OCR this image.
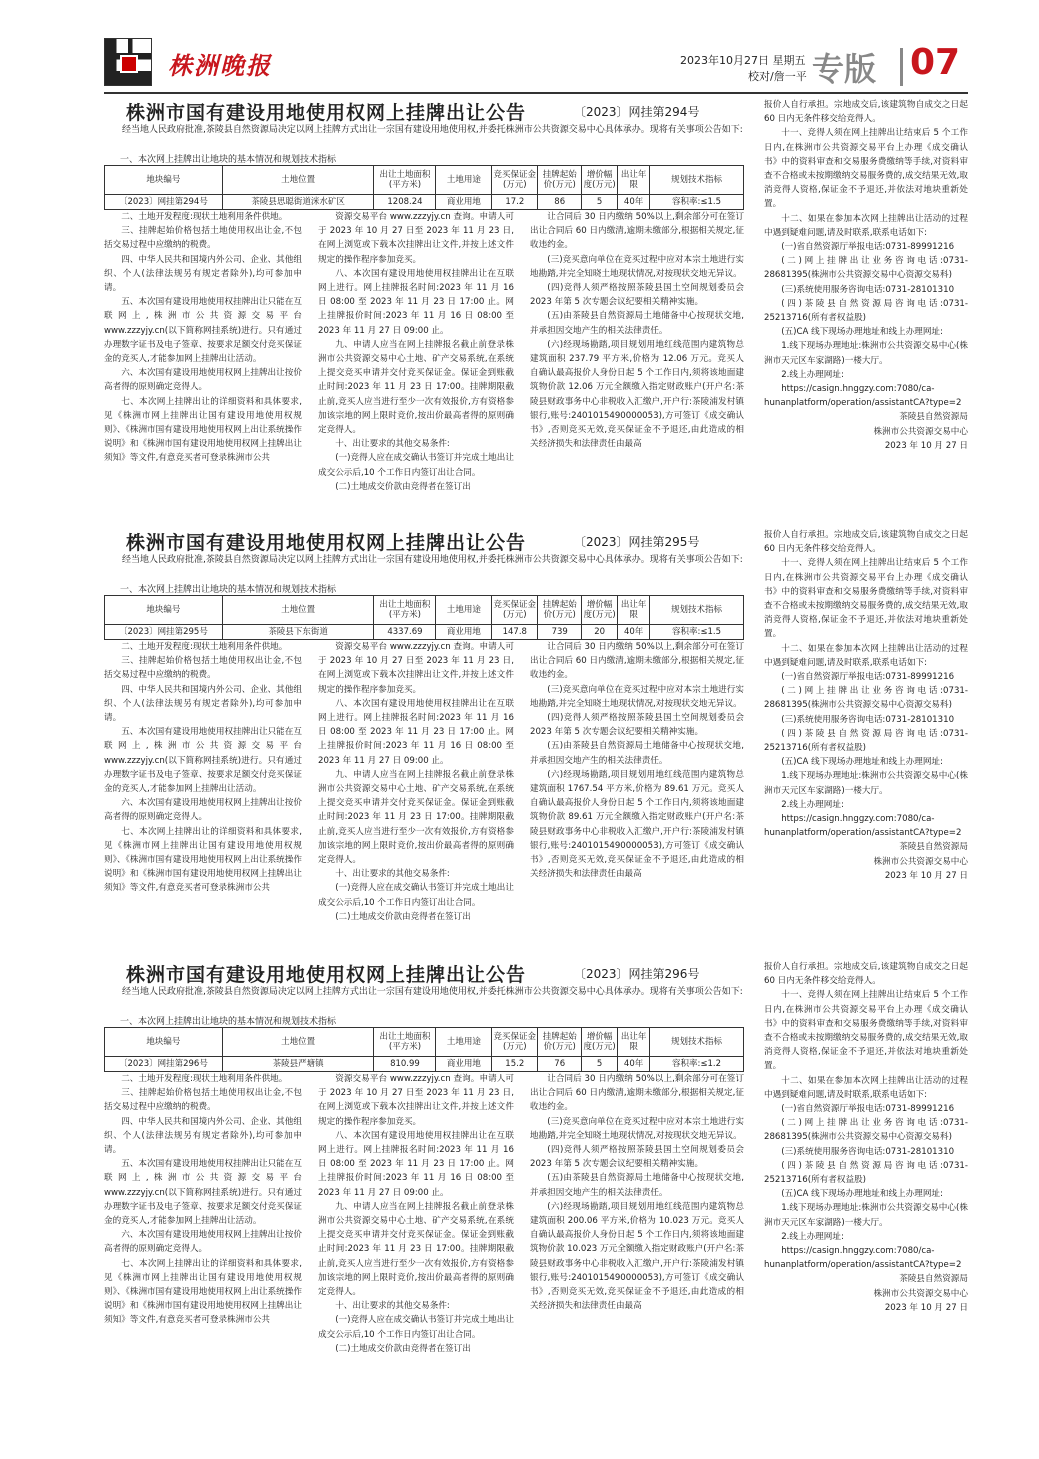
株洲晚报	2023年10月27日 星期五
校对/詹一平 专版 07
株洲市国有建设用地使用权网上挂牌出让公告	〔2023〕网挂第294号
经当地人民政府批准,茶陵县自然资源局决定以网上挂牌方式出让一宗国有建设用地使用权,并委托株洲市公共资源交易中心具体承办。现将有关事项公告如下:
一、本次网上挂牌出让地块的基本情况和规划技术指标
地块编号	土地位置	出让土地面积(平方米)	土地用途	竞买保证金(万元)	挂牌起始价(万元)	增价幅度(万元)	出让年限	规划技术指标
〔2023〕网挂第294号	茶陵县思聪街道洣水矿区	1208.24	商业用地	17.2	86	5	40年	容积率:≤1.5

二、土地开发程度:现状土地利用条件供地。

三、挂牌起始价格包括土地使用权出让金,不包括交易过程中应缴纳的税费。

四、中华人民共和国境内外公司、企业、其他组织、个人(法律法规另有规定者除外),均可参加申请。

五、本次国有建设用地使用权挂牌出让只能在互联网上,株洲市公共资源交易平台 www.zzzyjy.cn(以下简称网挂系统)进行。只有通过办理数字证书及电子签章、按要求足额交付竞买保证金的竞买人,才能参加网上挂牌出让活动。

六、本次国有建设用地使用权网上挂牌出让按价高者得的原则确定竞得人。

七、本次网上挂牌出让的详细资料和具体要求,见《株洲市网上挂牌出让国有建设用地使用权规则》、《株洲市国有建设用地使用权网上出让系统操作说明》和《株洲市国有建设用地使用权网上挂牌出让须知》等文件,有意竞买者可登录株洲市公共

资源交易平台 www.zzzyjy.cn 查询。申请人可于 2023 年 10 月 27 日至 2023 年 11 月 23 日,在网上浏览或下载本次挂牌出让文件,并按上述文件规定的操作程序参加竞买。

八、本次国有建设用地使用权挂牌出让在互联网上进行。网上挂牌报名时间:2023 年 11 月 16 日 08:00 至 2023 年 11 月 23 日 17:00 止。网上挂牌报价时间:2023 年 11 月 16 日 08:00 至 2023 年 11 月 27 日 09:00 止。

九、申请人应当在网上挂牌报名截止前登录株洲市公共资源交易中心土地、矿产交易系统,在系统上提交竞买申请并交付竞买保证金。保证金到账截止时间:2023 年 11 月 23 日 17:00。挂牌期限截止前,竞买人应当进行至少一次有效报价,方有资格参加该宗地的网上限时竞价,按出价最高者得的原则确定竞得人。

十、出让要求的其他交易条件:

(一)竞得人应在成交确认书签订并完成土地出让成交公示后,10 个工作日内签订出让合同。

(二)土地成交价款由竞得者在签订出

让合同后 30 日内缴纳 50%以上,剩余部分可在签订出让合同后 60 日内缴清,逾期未缴部分,根据相关规定,征收违约金。

(三)竞买意向单位在竞买过程中应对本宗土地进行实地勘踏,并完全知晓土地现状情况,对按现状交地无异议。

(四)竞得人须严格按照茶陵县国土空间规划委员会 2023 年第 5 次专题会议纪要相关精神实施。

(五)由茶陵县自然资源局土地储备中心按现状交地,并承担因交地产生的相关法律责任。

(六)经现场勘踏,项目规划用地红线范围内建筑物总建筑面积 237.79 平方米,价格为 12.06 万元。竞买人自确认最高报价人身份日起 5 个工作日内,须将该地面建筑物价款 12.06 万元全额缴入指定财政账户(开户名:茶陵县财政事务中心非税收入汇缴户,开户行:茶陵浦发村镇银行,账号:2401015490000053),方可签订《成交确认书》,否则竞买无效,竞买保证金不予退还,由此造成的相关经济损失和法律责任由最高

报价人自行承担。宗地成交后,该建筑物自成交之日起 60 日内无条件移交给竞得人。

十一、竞得人须在网上挂牌出让结束后 5 个工作日内,在株洲市公共资源交易平台上办理《成交确认书》中的资料审查和交易服务费缴纳等手续,对资料审查不合格或未按期缴纳交易服务费的,成交结果无效,取消竞得人资格,保证金不予退还,并依法对地块重新处置。

十二、如果在参加本次网上挂牌出让活动的过程中遇到疑难问题,请及时联系,联系电话如下:

(一)省自然资源厅举报电话:0731-89991216

(二)网上挂牌出让业务咨询电话:0731-28681395(株洲市公共资源交易中心资源交易科)

(三)系统使用服务咨询电话:0731-28101310

(四)茶陵县自然资源局咨询电话:0731-25213716(所有者权益股)

(五)CA 线下现场办理地址和线上办理网址:

1.线下现场办理地址:株洲市公共资源交易中心(株洲市天元区车家湖路)一楼大厅。

2.线上办理网址:

https://casign.hnggzy.com:7080/ca-hunanplatform/operation/assistantCA?type=2

茶陵县自然资源局

株洲市公共资源交易中心

2023 年 10 月 27 日

株洲市国有建设用地使用权网上挂牌出让公告	〔2023〕网挂第295号
经当地人民政府批准,茶陵县自然资源局决定以网上挂牌方式出让一宗国有建设用地使用权,并委托株洲市公共资源交易中心具体承办。现将有关事项公告如下:
一、本次网上挂牌出让地块的基本情况和规划技术指标
地块编号	土地位置	出让土地面积(平方米)	土地用途	竞买保证金(万元)	挂牌起始价(万元)	增价幅度(万元)	出让年限	规划技术指标
〔2023〕网挂第295号	茶陵县下东街道	4337.69	商业用地	147.8	739	20	40年	容积率:≤1.5

二、土地开发程度:现状土地利用条件供地。

三、挂牌起始价格包括土地使用权出让金,不包括交易过程中应缴纳的税费。

四、中华人民共和国境内外公司、企业、其他组织、个人(法律法规另有规定者除外),均可参加申请。

五、本次国有建设用地使用权挂牌出让只能在互联网上,株洲市公共资源交易平台 www.zzzyjy.cn(以下简称网挂系统)进行。只有通过办理数字证书及电子签章、按要求足额交付竞买保证金的竞买人,才能参加网上挂牌出让活动。

六、本次国有建设用地使用权网上挂牌出让按价高者得的原则确定竞得人。

七、本次网上挂牌出让的详细资料和具体要求,见《株洲市网上挂牌出让国有建设用地使用权规则》、《株洲市国有建设用地使用权网上出让系统操作说明》和《株洲市国有建设用地使用权网上挂牌出让须知》等文件,有意竞买者可登录株洲市公共

资源交易平台 www.zzzyjy.cn 查询。申请人可于 2023 年 10 月 27 日至 2023 年 11 月 23 日,在网上浏览或下载本次挂牌出让文件,并按上述文件规定的操作程序参加竞买。

八、本次国有建设用地使用权挂牌出让在互联网上进行。网上挂牌报名时间:2023 年 11 月 16 日 08:00 至 2023 年 11 月 23 日 17:00 止。网上挂牌报价时间:2023 年 11 月 16 日 08:00 至 2023 年 11 月 27 日 09:00 止。

九、申请人应当在网上挂牌报名截止前登录株洲市公共资源交易中心土地、矿产交易系统,在系统上提交竞买申请并交付竞买保证金。保证金到账截止时间:2023 年 11 月 23 日 17:00。挂牌期限截止前,竞买人应当进行至少一次有效报价,方有资格参加该宗地的网上限时竞价,按出价最高者得的原则确定竞得人。

十、出让要求的其他交易条件:

(一)竞得人应在成交确认书签订并完成土地出让成交公示后,10 个工作日内签订出让合同。

(二)土地成交价款由竞得者在签订出

让合同后 30 日内缴纳 50%以上,剩余部分可在签订出让合同后 60 日内缴清,逾期未缴部分,根据相关规定,征收违约金。

(三)竞买意向单位在竞买过程中应对本宗土地进行实地勘踏,并完全知晓土地现状情况,对按现状交地无异议。

(四)竞得人须严格按照茶陵县国土空间规划委员会 2023 年第 5 次专题会议纪要相关精神实施。

(五)由茶陵县自然资源局土地储备中心按现状交地,并承担因交地产生的相关法律责任。

(六)经现场勘踏,项目规划用地红线范围内建筑物总建筑面积 1767.54 平方米,价格为 89.61 万元。竞买人自确认最高报价人身份日起 5 个工作日内,须将该地面建筑物价款 89.61 万元全额缴入指定财政账户(开户名:茶陵县财政事务中心非税收入汇缴户,开户行:茶陵浦发村镇银行,账号:2401015490000053),方可签订《成交确认书》,否则竞买无效,竞买保证金不予退还,由此造成的相关经济损失和法律责任由最高

报价人自行承担。宗地成交后,该建筑物自成交之日起 60 日内无条件移交给竞得人。

十一、竞得人须在网上挂牌出让结束后 5 个工作日内,在株洲市公共资源交易平台上办理《成交确认书》中的资料审查和交易服务费缴纳等手续,对资料审查不合格或未按期缴纳交易服务费的,成交结果无效,取消竞得人资格,保证金不予退还,并依法对地块重新处置。

十二、如果在参加本次网上挂牌出让活动的过程中遇到疑难问题,请及时联系,联系电话如下:

(一)省自然资源厅举报电话:0731-89991216

(二)网上挂牌出让业务咨询电话:0731-28681395(株洲市公共资源交易中心资源交易科)

(三)系统使用服务咨询电话:0731-28101310

(四)茶陵县自然资源局咨询电话:0731-25213716(所有者权益股)

(五)CA 线下现场办理地址和线上办理网址:

1.线下现场办理地址:株洲市公共资源交易中心(株洲市天元区车家湖路)一楼大厅。

2.线上办理网址:

https://casign.hnggzy.com:7080/ca-hunanplatform/operation/assistantCA?type=2

茶陵县自然资源局

株洲市公共资源交易中心

2023 年 10 月 27 日

株洲市国有建设用地使用权网上挂牌出让公告	〔2023〕网挂第296号
经当地人民政府批准,茶陵县自然资源局决定以网上挂牌方式出让一宗国有建设用地使用权,并委托株洲市公共资源交易中心具体承办。现将有关事项公告如下:
一、本次网上挂牌出让地块的基本情况和规划技术指标
地块编号	土地位置	出让土地面积(平方米)	土地用途	竞买保证金(万元)	挂牌起始价(万元)	增价幅度(万元)	出让年限	规划技术指标
〔2023〕网挂第296号	茶陵县严塘镇	810.99	商业用地	15.2	76	5	40年	容积率:≤1.2

二、土地开发程度:现状土地利用条件供地。

三、挂牌起始价格包括土地使用权出让金,不包括交易过程中应缴纳的税费。

四、中华人民共和国境内外公司、企业、其他组织、个人(法律法规另有规定者除外),均可参加申请。

五、本次国有建设用地使用权挂牌出让只能在互联网上,株洲市公共资源交易平台 www.zzzyjy.cn(以下简称网挂系统)进行。只有通过办理数字证书及电子签章、按要求足额交付竞买保证金的竞买人,才能参加网上挂牌出让活动。

六、本次国有建设用地使用权网上挂牌出让按价高者得的原则确定竞得人。

七、本次网上挂牌出让的详细资料和具体要求,见《株洲市网上挂牌出让国有建设用地使用权规则》、《株洲市国有建设用地使用权网上出让系统操作说明》和《株洲市国有建设用地使用权网上挂牌出让须知》等文件,有意竞买者可登录株洲市公共

资源交易平台 www.zzzyjy.cn 查询。申请人可于 2023 年 10 月 27 日至 2023 年 11 月 23 日,在网上浏览或下载本次挂牌出让文件,并按上述文件规定的操作程序参加竞买。

八、本次国有建设用地使用权挂牌出让在互联网上进行。网上挂牌报名时间:2023 年 11 月 16 日 08:00 至 2023 年 11 月 23 日 17:00 止。网上挂牌报价时间:2023 年 11 月 16 日 08:00 至 2023 年 11 月 27 日 09:00 止。

九、申请人应当在网上挂牌报名截止前登录株洲市公共资源交易中心土地、矿产交易系统,在系统上提交竞买申请并交付竞买保证金。保证金到账截止时间:2023 年 11 月 23 日 17:00。挂牌期限截止前,竞买人应当进行至少一次有效报价,方有资格参加该宗地的网上限时竞价,按出价最高者得的原则确定竞得人。

十、出让要求的其他交易条件:

(一)竞得人应在成交确认书签订并完成土地出让成交公示后,10 个工作日内签订出让合同。

(二)土地成交价款由竞得者在签订出

让合同后 30 日内缴纳 50%以上,剩余部分可在签订出让合同后 60 日内缴清,逾期未缴部分,根据相关规定,征收违约金。

(三)竞买意向单位在竞买过程中应对本宗土地进行实地勘踏,并完全知晓土地现状情况,对按现状交地无异议。

(四)竞得人须严格按照茶陵县国土空间规划委员会 2023 年第 5 次专题会议纪要相关精神实施。

(五)由茶陵县自然资源局土地储备中心按现状交地,并承担因交地产生的相关法律责任。

(六)经现场勘踏,项目规划用地红线范围内建筑物总建筑面积 200.06 平方米,价格为 10.023 万元。竞买人自确认最高报价人身份日起 5 个工作日内,须将该地面建筑物价款 10.023 万元全额缴入指定财政账户(开户名:茶陵县财政事务中心非税收入汇缴户,开户行:茶陵浦发村镇银行,账号:2401015490000053),方可签订《成交确认书》,否则竞买无效,竞买保证金不予退还,由此造成的相关经济损失和法律责任由最高

报价人自行承担。宗地成交后,该建筑物自成交之日起 60 日内无条件移交给竞得人。

十一、竞得人须在网上挂牌出让结束后 5 个工作日内,在株洲市公共资源交易平台上办理《成交确认书》中的资料审查和交易服务费缴纳等手续,对资料审查不合格或未按期缴纳交易服务费的,成交结果无效,取消竞得人资格,保证金不予退还,并依法对地块重新处置。

十二、如果在参加本次网上挂牌出让活动的过程中遇到疑难问题,请及时联系,联系电话如下:

(一)省自然资源厅举报电话:0731-89991216

(二)网上挂牌出让业务咨询电话:0731-28681395(株洲市公共资源交易中心资源交易科)

(三)系统使用服务咨询电话:0731-28101310

(四)茶陵县自然资源局咨询电话:0731-25213716(所有者权益股)

(五)CA 线下现场办理地址和线上办理网址:

1.线下现场办理地址:株洲市公共资源交易中心(株洲市天元区车家湖路)一楼大厅。

2.线上办理网址:

https://casign.hnggzy.com:7080/ca-hunanplatform/operation/assistantCA?type=2

茶陵县自然资源局

株洲市公共资源交易中心

2023 年 10 月 27 日
